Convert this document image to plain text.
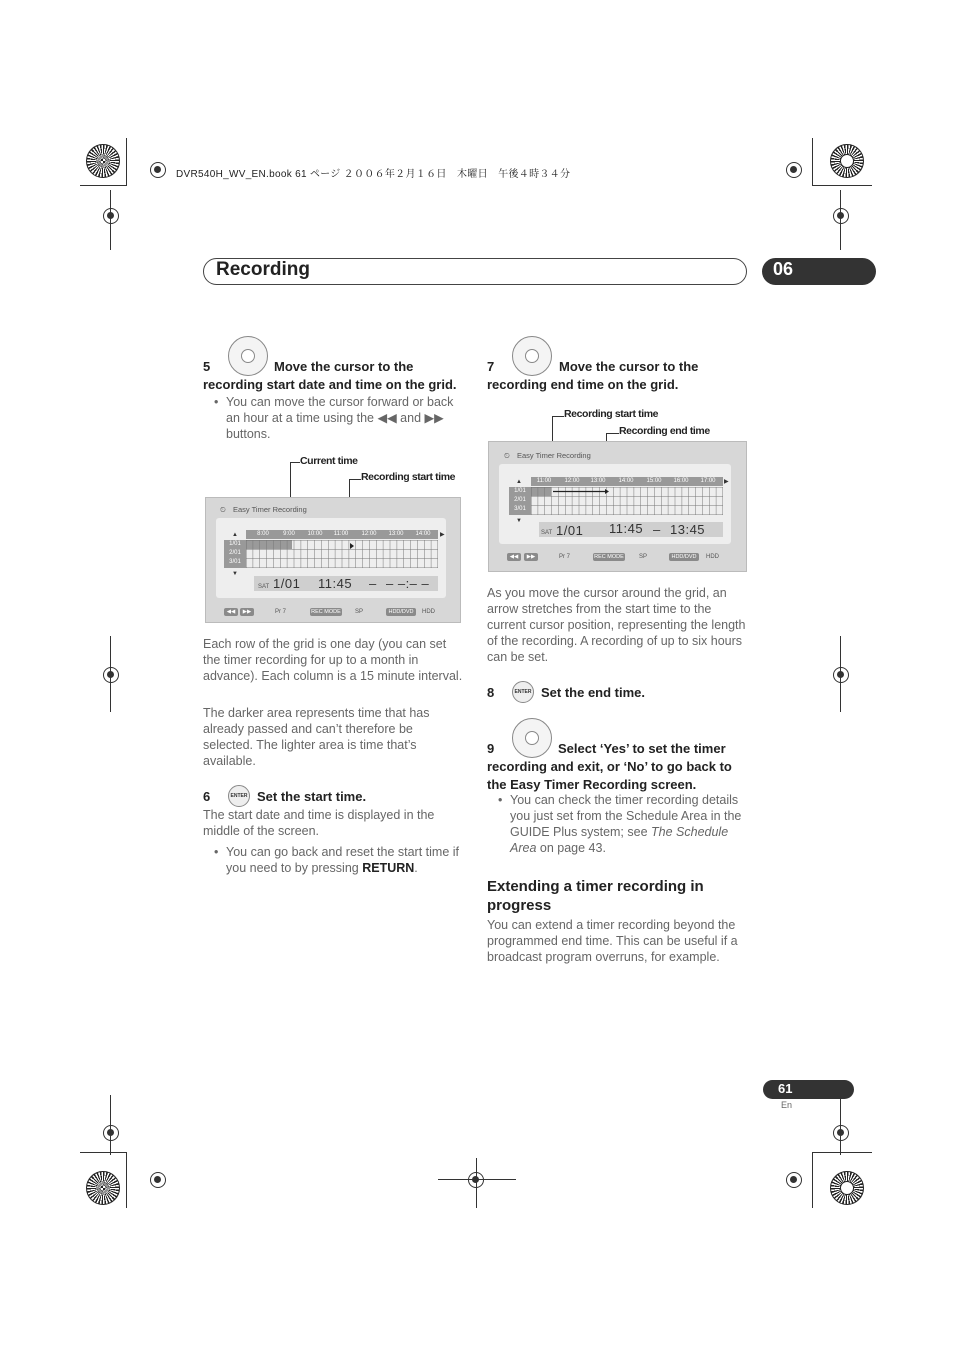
DVR540H_WV_EN.book 61 ページ ２００６年２月１６日　木曜日　午後４時３４分
Recording	06
5	Move the cursor to the
recording start date and time on the grid.
• You can move the cursor forward or back an hour at a time using the ◀◀ and ▶▶ buttons.
Current time
Recording start time
⏲ Easy Timer Recording
▲	▶
8:00	9:00	10:00	11:00	12:00	13:00	14:00
1/01
2/01
3/01
▼
SAT 1/01 11:45 – – –:– –
◀◀	▶▶	Pr 7	REC MODE SP	HDD/DVD	HDD
Each row of the grid is one day (you can set the timer recording for up to a month in advance). Each column is a 15 minute interval.
The darker area represents time that has already passed and can’t therefore be selected. The lighter area is time that’s available.
6	ENTER Set the start time.
The start date and time is displayed in the middle of the screen.
• You can go back and reset the start time if you need to by pressing RETURN.
7	Move the cursor to the
recording end time on the grid.
Recording start time
Recording end time
⏲ Easy Timer Recording
▲	▶
11:00	12:00	13:00	14:00	15:00	16:00	17:00
1/01
2/01
3/01
▼
SAT 1/01 11:45 – 13:45
◀◀	▶▶	Pr 7	REC MODE	SP	HDD/DVD	HDD
As you move the cursor around the grid, an arrow stretches from the start time to the current cursor position, representing the length of the recording. A recording of up to six hours can be set.
8	ENTER Set the end time.
9	Select ‘Yes’ to set the timer
recording and exit, or ‘No’ to go back to the Easy Timer Recording screen.
• You can check the timer recording details you just set from the Schedule Area in the GUIDE Plus system; see The Schedule Area on page 43.
Extending a timer recording in progress
You can extend a timer recording beyond the programmed end time. This can be useful if a broadcast program overruns, for example.
61
En
